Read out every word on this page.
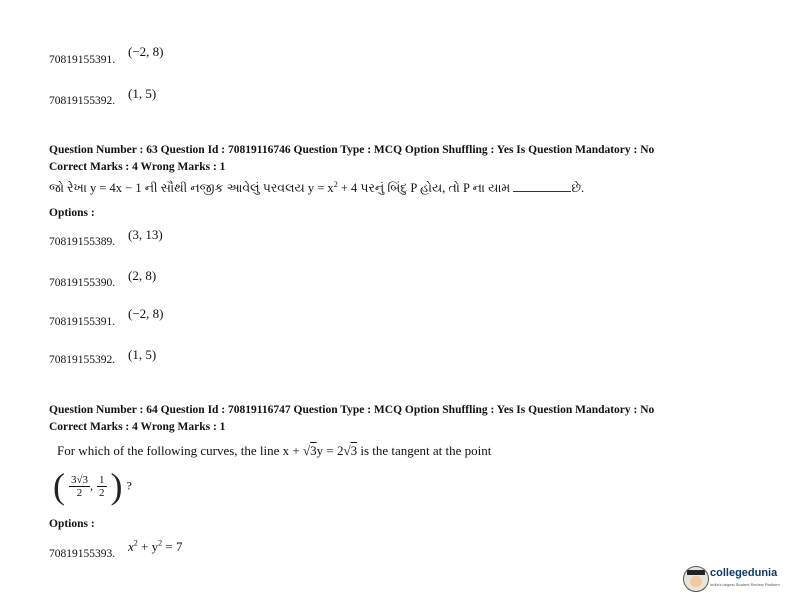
70819155391.
(−2, 8)
70819155392. (1, 5)
Question Number : 63 Question Id : 70819116746 Question Type : MCQ Option Shuffling : Yes Is Question Mandatory : No
Correct Marks : 4 Wrong Marks : 1
જો રેખા y = 4x − 1 ની સૌથી નજીક આવેલું પરવલય $y = x^2 + 4$ પરનું બિંદુ P હોય, તો P ના યામ	છે.
Options :
70819155389. (3, 13)
70819155390. (2, 8)
70819155391.
(−2, 8)
70819155392. (1, 5)
Question Number : 64 Question Id : 70819116747 Question Type : MCQ Option Shuffling : Yes Is Question Mandatory : No
Correct Marks : 4 Wrong Marks : 1
For which of the following curves, the line x + √3y = 2√3 is the tangent at the point
( $\frac{3√3}{2}$ , $\frac{1}{2}$ ) ?
Options :
70819155393. $x^2 + y^2 = 7$
collegedunia
India's largest Student Review Platform
